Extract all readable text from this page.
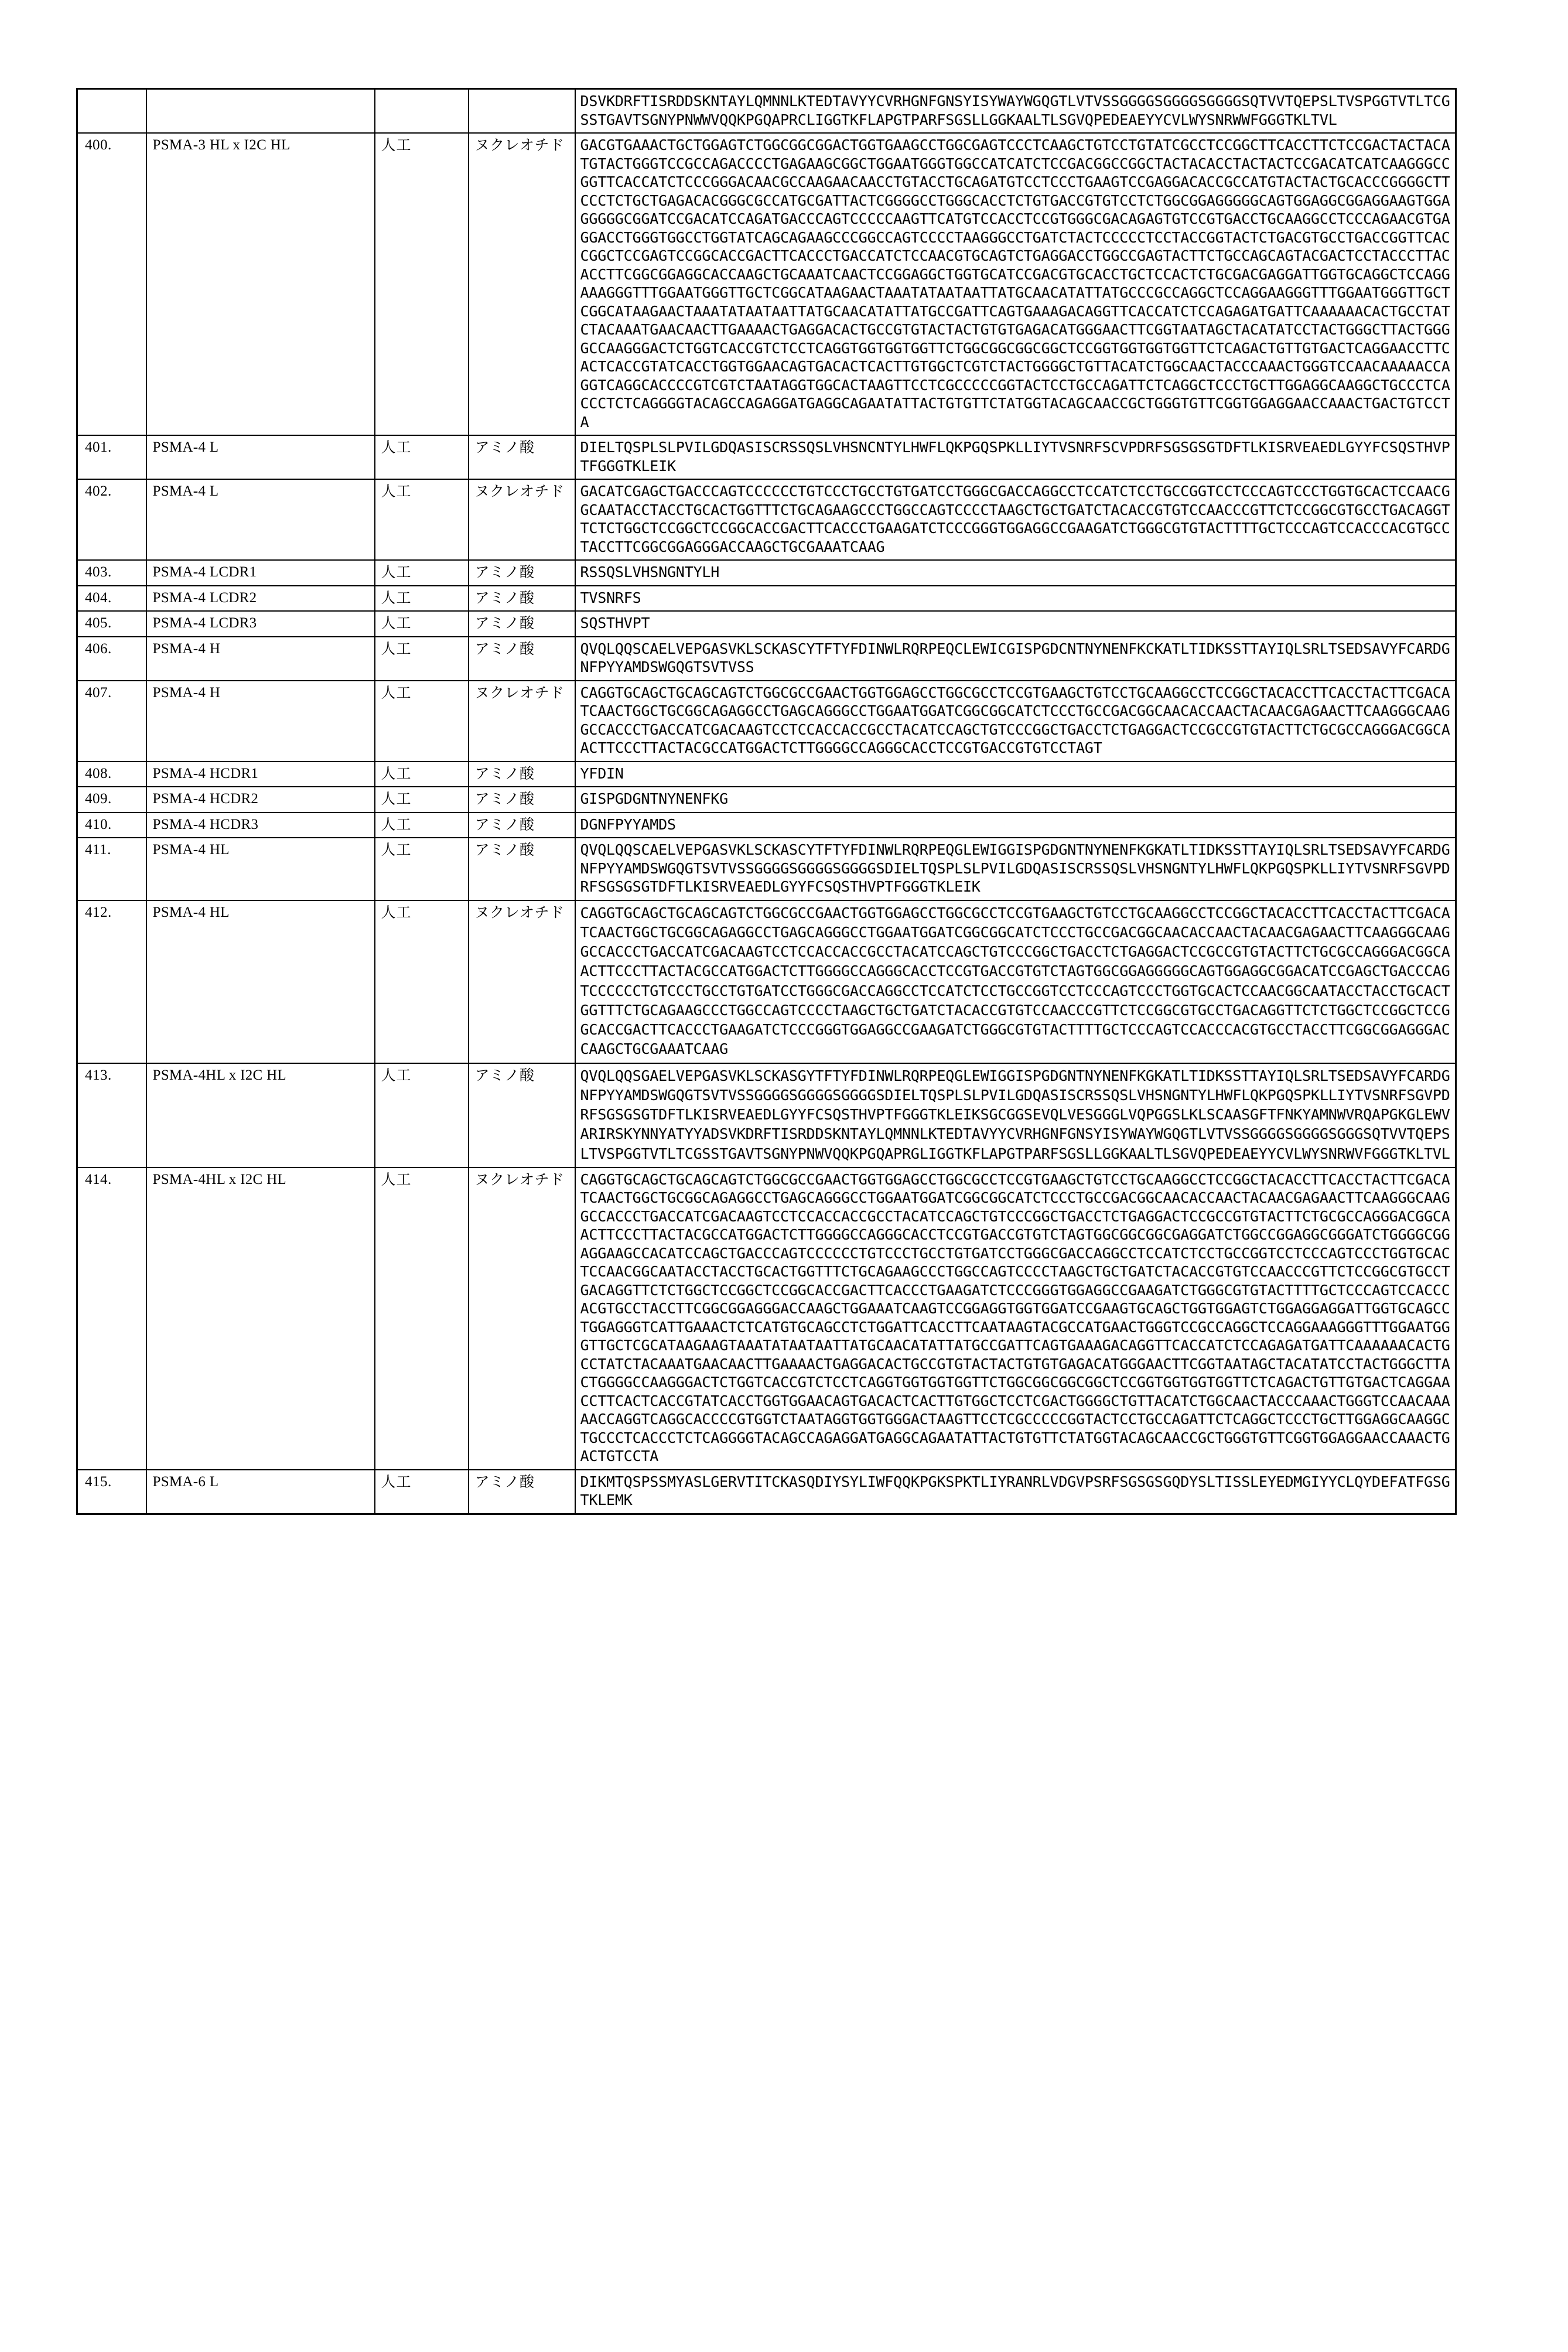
				DSVKDRFTISRDDSKNTAYLQMNNLKTEDTAVYYCVRHGNFGNSYISYWAYWGQGTLVTVSSGGGGSGGGGSGGGGSQTVVTQEPSLTVSPGGTVTLTCGSSTGAVTSGNYPNWWVQQKPGQAPRCLIGGTKFLAPGTPARFSGSLLGGKAALTLSGVQPEDEAEYYCVLWYSNRWWFGGGTKLTVL
400.	PSMA-3 HL x I2C HL	人工	ヌクレオチド	GACGTGAAACTGCTGGAGTCTGGCGGCGGACTGGTGAAGCCTGGCGAGTCCCTCAAGCTGTCCTGTATCGCCTCCGGCTTCACCTTCTCCGACTACTACATGTACTGGGTCCGCCAGACCCCTGAGAAGCGGCTGGAATGGGTGGCCATCATCTCCGACGGCCGGCTACTACACCTACTACTCCGACATCATCAAGGGCCGGTTCACCATCTCCCGGGACAACGCCAAGAACAACCTGTACCTGCAGATGTCCTCCCTGAAGTCCGAGGACACCGCCATGTACTACTGCACCCGGGGCTTCCCTCTGCTGAGACACGGGCGCCATGCGATTACTCGGGGCCTGGGCACCTCTGTGACCGTGTCCTCTGGCGGAGGGGGCAGTGGAGGCGGAGGAAGTGGAGGGGGCGGATCCGACATCCAGATGACCCAGTCCCCCAAGTTCATGTCCACCTCCGTGGGCGACAGAGTGTCCGTGACCTGCAAGGCCTCCCAGAACGTGAGGACCTGGGTGGCCTGGTATCAGCAGAAGCCCGGCCAGTCCCCTAAGGGCCTGATCTACTCCCCCTCCTACCGGTACTCTGACGTGCCTGACCGGTTCACCGGCTCCGAGTCCGGCACCGACTTCACCCTGACCATCTCCAACGTGCAGTCTGAGGACCTGGCCGAGTACTTCTGCCAGCAGTACGACTCCTACCCTTACACCTTCGGCGGAGGCACCAAGCTGCAAATCAACTCCGGAGGCTGGTGCATCCGACGTGCACCTGCTCCACTCTGCGACGAGGATTGGTGCAGGCTCCAGGAAAGGGTTTGGAATGGGTTGCTCGGCATAAGAACTAAATATAATAATTATGCAACATATTATGCCCGCCAGGCTCCAGGAAGGGTTTGGAATGGGTTGCTCGGCATAAGAACTAAATATAATAATTATGCAACATATTATGCCGATTCAGTGAAAGACAGGTTCACCATCTCCAGAGATGATTCAAAAAACACTGCCTATCTACAAATGAACAACTTGAAAACTGAGGACACTGCCGTGTACTACTGTGTGAGACATGGGAACTTCGGTAATAGCTACATATCCTACTGGGCTTACTGGGGCCAAGGGACTCTGGTCACCGTCTCCTCAGGTGGTGGTGGTTCTGGCGGCGGCGGCTCCGGTGGTGGTGGTTCTCAGACTGTTGTGACTCAGGAACCTTCACTCACCGTATCACCTGGTGGAACAGTGACACTCACTTGTGGCTCGTCTACTGGGGCTGTTACATCTGGCAACTACCCAAACTGGGTCCAACAAAAACCAGGTCAGGCACCCCGTCGTCTAATAGGTGGCACTAAGTTCCTCGCCCCCGGTACTCCTGCCAGATTCTCAGGCTCCCTGCTTGGAGGCAAGGCTGCCCTCACCCTCTCAGGGGTACAGCCAGAGGATGAGGCAGAATATTACTGTGTTCTATGGTACAGCAACCGCTGGGTGTTCGGTGGAGGAACCAAACTGACTGTCCTA
401.	PSMA-4 L	人工	アミノ酸	DIELTQSPLSLPVILGDQASISCRSSQSLVHSNCNTYLHWFLQKPGQSPKLLIYTVSNRFSCVPDRFSGSGSGTDFTLKISRVEAEDLGYYFCSQSTHVPTFGGGTKLEIK
402.	PSMA-4 L	人工	ヌクレオチド	GACATCGAGCTGACCCAGTCCCCCCTGTCCCTGCCTGTGATCCTGGGCGACCAGGCCTCCATCTCCTGCCGGTCCTCCCAGTCCCTGGTGCACTCCAACGGCAATACCTACCTGCACTGGTTTCTGCAGAAGCCCTGGCCAGTCCCCTAAGCTGCTGATCTACACCGTGTCCAACCCGTTCTCCGGCGTGCCTGACAGGTTCTCTGGCTCCGGCTCCGGCACCGACTTCACCCTGAAGATCTCCCGGGTGGAGGCCGAAGATCTGGGCGTGTACTTTTGCTCCCAGTCCACCCACGTGCCTACCTTCGGCGGAGGGACCAAGCTGCGAAATCAAG
403.	PSMA-4 LCDR1	人工	アミノ酸	RSSQSLVHSNGNTYLH
404.	PSMA-4 LCDR2	人工	アミノ酸	TVSNRFS
405.	PSMA-4 LCDR3	人工	アミノ酸	SQSTHVPT
406.	PSMA-4 H	人工	アミノ酸	QVQLQQSCAELVEPGASVKLSCKASCYTFTYFDINWLRQRPEQCLEWICGISPGDCNTNYNENFKCKATLTIDKSSTTAYIQLSRLTSEDSAVYFCARDGNFPYYAMDSWGQGTSVTVSS
407.	PSMA-4 H	人工	ヌクレオチド	CAGGTGCAGCTGCAGCAGTCTGGCGCCGAACTGGTGGAGCCTGGCGCCTCCGTGAAGCTGTCCTGCAAGGCCTCCGGCTACACCTTCACCTACTTCGACATCAACTGGCTGCGGCAGAGGCCTGAGCAGGGCCTGGAATGGATCGGCGGCATCTCCCTGCCGACGGCAACACCAACTACAACGAGAACTTCAAGGGCAAGGCCACCCTGACCATCGACAAGTCCTCCACCACCGCCTACATCCAGCTGTCCCGGCTGACCTCTGAGGACTCCGCCGTGTACTTCTGCGCCAGGGACGGCAACTTCCCTTACTACGCCATGGACTCTTGGGGCCAGGGCACCTCCGTGACCGTGTCCTAGT
408.	PSMA-4 HCDR1	人工	アミノ酸	YFDIN
409.	PSMA-4 HCDR2	人工	アミノ酸	GISPGDGNTNYNENFKG
410.	PSMA-4 HCDR3	人工	アミノ酸	DGNFPYYAMDS
411.	PSMA-4 HL	人工	アミノ酸	QVQLQQSCAELVEPGASVKLSCKASCYTFTYFDINWLRQRPEQGLEWIGGISPGDGNTNYNENFKGKATLTIDKSSTTAYIQLSRLTSEDSAVYFCARDGNFPYYAMDSWGQGTSVTVSSGGGGSGGGGSGGGGSDIELTQSPLSLPVILGDQASISCRSSQSLVHSNGNTYLHWFLQKPGQSPKLLIYTVSNRFSGVPDRFSGSGSGTDFTLKISRVEAEDLGYYFCSQSTHVPTFGGGTKLEIK
412.	PSMA-4 HL	人工	ヌクレオチド	CAGGTGCAGCTGCAGCAGTCTGGCGCCGAACTGGTGGAGCCTGGCGCCTCCGTGAAGCTGTCCTGCAAGGCCTCCGGCTACACCTTCACCTACTTCGACATCAACTGGCTGCGGCAGAGGCCTGAGCAGGGCCTGGAATGGATCGGCGGCATCTCCCTGCCGACGGCAACACCAACTACAACGAGAACTTCAAGGGCAAGGCCACCCTGACCATCGACAAGTCCTCCACCACCGCCTACATCCAGCTGTCCCGGCTGACCTCTGAGGACTCCGCCGTGTACTTCTGCGCCAGGGACGGCAACTTCCCTTACTACGCCATGGACTCTTGGGGCCAGGGCACCTCCGTGACCGTGTCTAGTGGCGGAGGGGGCAGTGGAGGCGGACATCCGAGCTGACCCAGTCCCCCCTGTCCCTGCCTGTGATCCTGGGCGACCAGGCCTCCATCTCCTGCCGGTCCTCCCAGTCCCTGGTGCACTCCAACGGCAATACCTACCTGCACTGGTTTCTGCAGAAGCCCTGGCCAGTCCCCTAAGCTGCTGATCTACACCGTGTCCAACCCGTTCTCCGGCGTGCCTGACAGGTTCTCTGGCTCCGGCTCCGGCACCGACTTCACCCTGAAGATCTCCCGGGTGGAGGCCGAAGATCTGGGCGTGTACTTTTGCTCCCAGTCCACCCACGTGCCTACCTTCGGCGGAGGGACCAAGCTGCGAAATCAAG
413.	PSMA-4HL x I2C HL	人工	アミノ酸	QVQLQQSGAELVEPGASVKLSCKASGYTFTYFDINWLRQRPEQGLEWIGGISPGDGNTNYNENFKGKATLTIDKSSTTAYIQLSRLTSEDSAVYFCARDGNFPYYAMDSWGQGTSVTVSSGGGGSGGGGSGGGGSDIELTQSPLSLPVILGDQASISCRSSQSLVHSNGNTYLHWFLQKPGQSPKLLIYTVSNRFSGVPDRFSGSGSGTDFTLKISRVEAEDLGYYFCSQSTHVPTFGGGTKLEIKSGCGGSEVQLVESGGGLVQPGGSLKLSCAASGFTFNKYAMNWVRQAPGKGLEWVARIRSKYNNYATYYADSVKDRFTISRDDSKNTAYLQMNNLKTEDTAVYYCVRHGNFGNSYISYWAYWGQGTLVTVSSGGGGSGGGGSGGGSQTVVTQEPSLTVSPGGTVTLTCGSSTGAVTSGNYPNWVQQKPGQAPRGLIGGTKFLAPGTPARFSGSLLGGKAALTLSGVQPEDEAEYYCVLWYSNRWVFGGGTKLTVL
414.	PSMA-4HL x I2C HL	人工	ヌクレオチド	CAGGTGCAGCTGCAGCAGTCTGGCGCCGAACTGGTGGAGCCTGGCGCCTCCGTGAAGCTGTCCTGCAAGGCCTCCGGCTACACCTTCACCTACTTCGACATCAACTGGCTGCGGCAGAGGCCTGAGCAGGGCCTGGAATGGATCGGCGGCATCTCCCTGCCGACGGCAACACCAACTACAACGAGAACTTCAAGGGCAAGGCCACCCTGACCATCGACAAGTCCTCCACCACCGCCTACATCCAGCTGTCCCGGCTGACCTCTGAGGACTCCGCCGTGTACTTCTGCGCCAGGGACGGCAACTTCCCTTACTACGCCATGGACTCTTGGGGCCAGGGCACCTCCGTGACCGTGTCTAGTGGCGGCGGCGAGGATCTGGCCGGAGGCGGGATCTGGGGCGGAGGAAGCCACATCCAGCTGACCCAGTCCCCCCTGTCCCTGCCTGTGATCCTGGGCGACCAGGCCTCCATCTCCTGCCGGTCCTCCCAGTCCCTGGTGCACTCCAACGGCAATACCTACCTGCACTGGTTTCTGCAGAAGCCCTGGCCAGTCCCCTAAGCTGCTGATCTACACCGTGTCCAACCCGTTCTCCGGCGTGCCTGACAGGTTCTCTGGCTCCGGCTCCGGCACCGACTTCACCCTGAAGATCTCCCGGGTGGAGGCCGAAGATCTGGGCGTGTACTTTTGCTCCCAGTCCACCCACGTGCCTACCTTCGGCGGAGGGACCAAGCTGGAAATCAAGTCCGGAGGTGGTGGATCCGAAGTGCAGCTGGTGGAGTCTGGAGGAGGATTGGTGCAGCCTGGAGGGTCATTGAAACTCTCATGTGCAGCCTCTGGATTCACCTTCAATAAGTACGCCATGAACTGGGTCCGCCAGGCTCCAGGAAAGGGTTTGGAATGGGTTGCTCGCATAAGAAGTAAATATAATAATTATGCAACATATTATGCCGATTCAGTGAAAGACAGGTTCACCATCTCCAGAGATGATTCAAAAAACACTGCCTATCTACAAATGAACAACTTGAAAACTGAGGACACTGCCGTGTACTACTGTGTGAGACATGGGAACTTCGGTAATAGCTACATATCCTACTGGGCTTACTGGGGCCAAGGGACTCTGGTCACCGTCTCCTCAGGTGGTGGTGGTTCTGGCGGCGGCGGCTCCGGTGGTGGTGGTTCTCAGACTGTTGTGACTCAGGAACCTTCACTCACCGTATCACCTGGTGGAACAGTGACACTCACTTGTGGCTCCTCGACTGGGGCTGTTACATCTGGCAACTACCCAAACTGGGTCCAACAAAAACCAGGTCAGGCACCCCGTGGTCTAATAGGTGGTGGGACTAAGTTCCTCGCCCCCGGTACTCCTGCCAGATTCTCAGGCTCCCTGCTTGGAGGCAAGGCTGCCCTCACCCTCTCAGGGGTACAGCCAGAGGATGAGGCAGAATATTACTGTGTTCTATGGTACAGCAACCGCTGGGTGTTCGGTGGAGGAACCAAACTGACTGTCCTA
415.	PSMA-6 L	人工	アミノ酸	DIKMTQSPSSMYASLGERVTITCKASQDIYSYLIWFQQKPGKSPKTLIYRANRLVDGVPSRFSGSGSGQDYSLTISSLEYEDMGIYYCLQYDEFATFGSGTKLEMK
